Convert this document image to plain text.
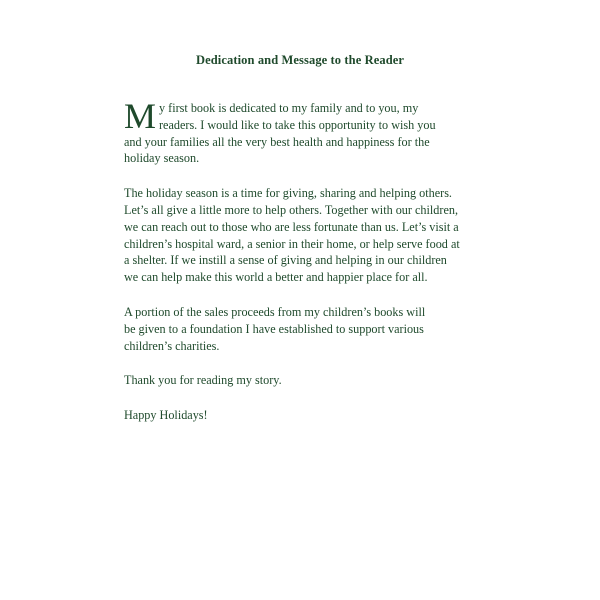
Dedication and Message to the Reader

M y first book is dedicated to my family and to you, my
readers. I would like to take this opportunity to wish you
and your families all the very best health and happiness for the
holiday season.

The holiday season is a time for giving, sharing and helping others.
Let’s all give a little more to help others. Together with our children,
we can reach out to those who are less fortunate than us. Let’s visit a
children’s hospital ward, a senior in their home, or help serve food at
a shelter. If we instill a sense of giving and helping in our children
we can help make this world a better and happier place for all.

A portion of the sales proceeds from my children’s books will
be given to a foundation I have established to support various
children’s charities.

Thank you for reading my story.

Happy Holidays!
